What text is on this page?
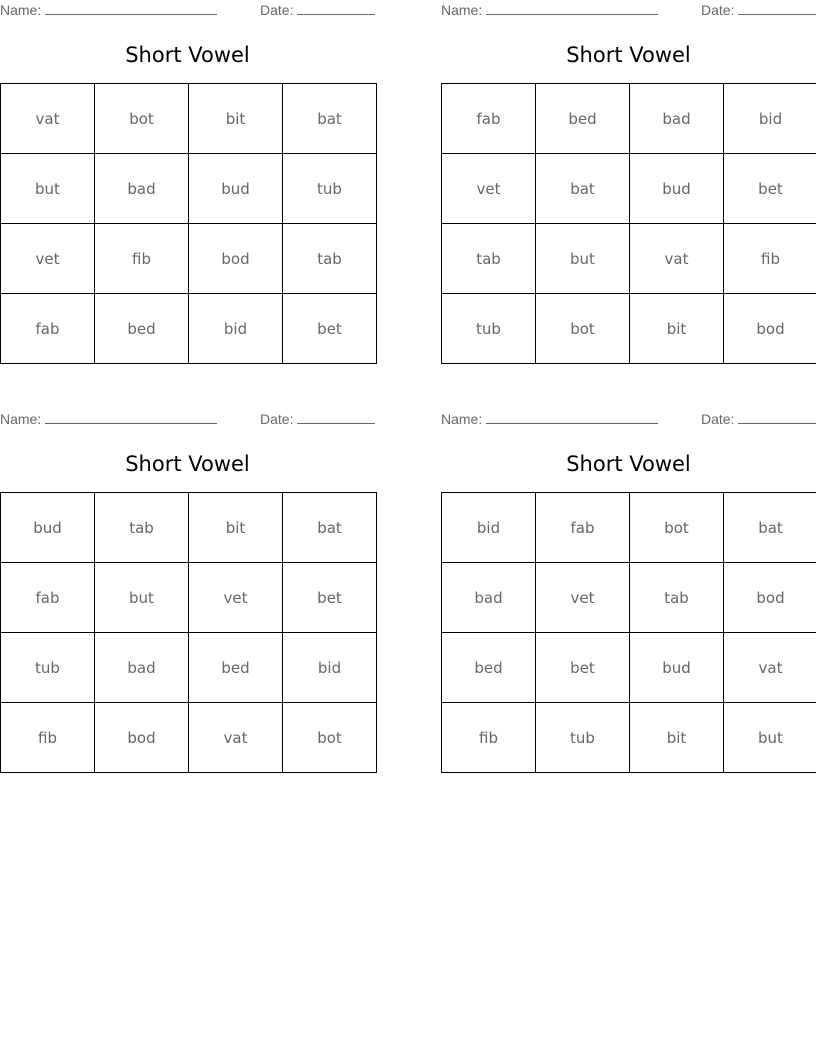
Name:	Date:
Short Vowel
vat	bot	bit	bat
but	bad	bud	tub
vet	fib	bod	tab
fab	bed	bid	bet
Name:	Date:
Short Vowel
fab	bed	bad	bid
vet	bat	bud	bet
tab	but	vat	fib
tub	bot	bit	bod
Name:	Date:
Short Vowel
bud	tab	bit	bat
fab	but	vet	bet
tub	bad	bed	bid
fib	bod	vat	bot
Name:	Date:
Short Vowel
bid	fab	bot	bat
bad	vet	tab	bod
bed	bet	bud	vat
fib	tub	bit	but
